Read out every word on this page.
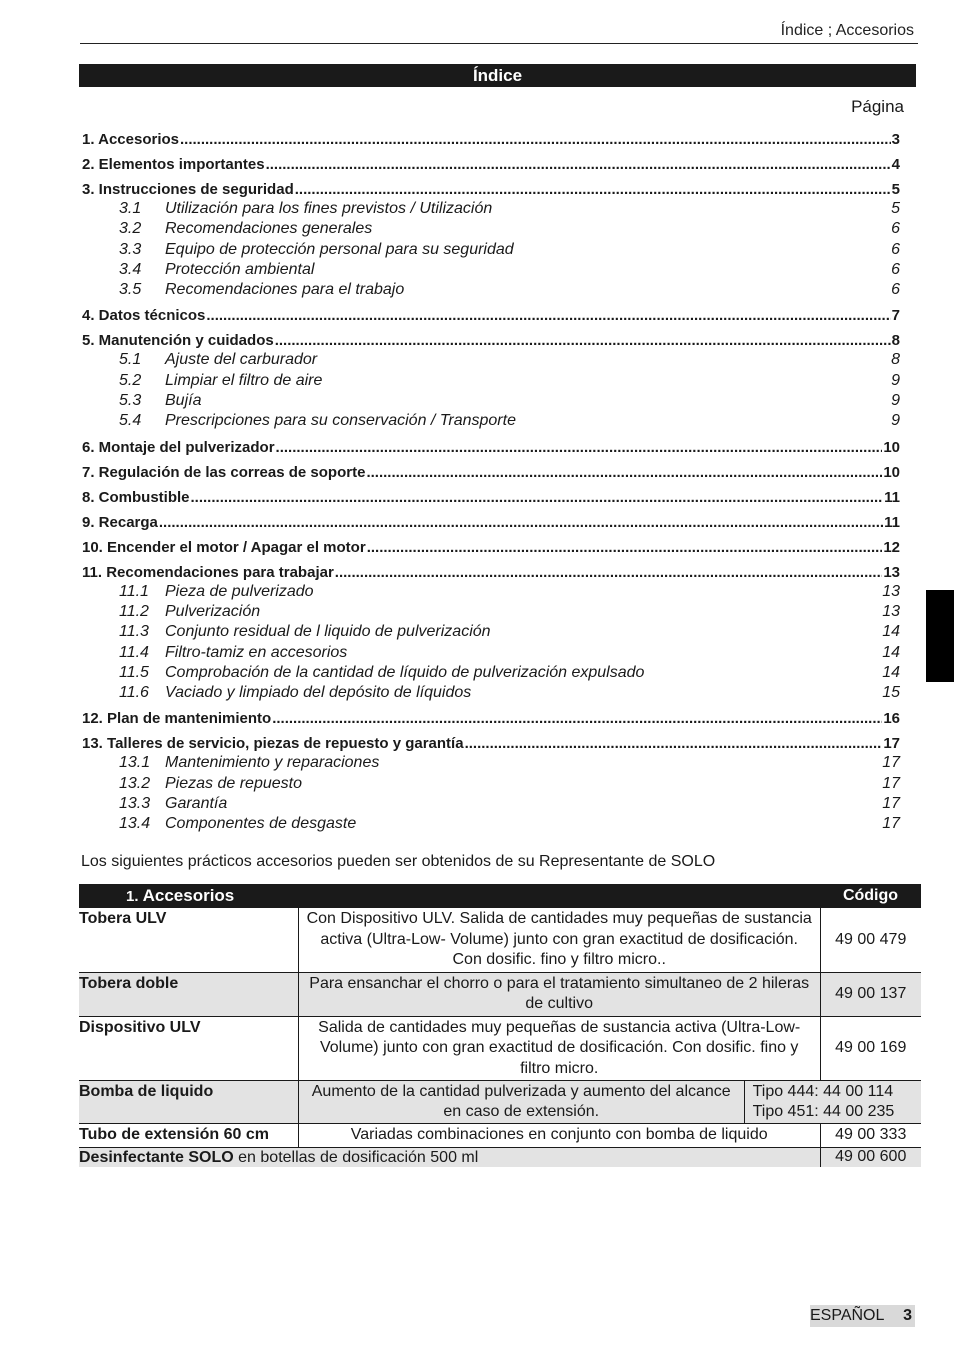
Índice ; Accesorios
Índice
Página
1. Accesorios .....	3
2. Elementos importantes .....	4
3. Instrucciones de seguridad .....	5
3.1	Utilización para los fines previstos / Utilización	5
3.2	Recomendaciones generales	6
3.3	Equipo de protección personal para su seguridad	6
3.4	Protección ambiental	6
3.5	Recomendaciones para el trabajo	6
4. Datos técnicos .....	7
5. Manutención y cuidados .....	8
5.1	Ajuste del carburador	8
5.2	Limpiar el filtro de aire	9
5.3	Bujía	9
5.4	Prescripciones para su conservación / Transporte	9
6. Montaje del pulverizador .....	10
7. Regulación de las correas de soporte .....	10
8. Combustible .....	11
9. Recarga .....	11
10. Encender el motor / Apagar el motor .....	12
11. Recomendaciones para trabajar .....	13
11.1	Pieza de pulverizado	13
11.2	Pulverización	13
11.3	Conjunto residual de l liquido de pulverización	14
11.4	Filtro-tamiz en accesorios	14
11.5	Comprobación de la cantidad de líquido de pulverización expulsado	14
11.6	Vaciado y limpiado del depósito de líquidos	15
12. Plan de mantenimiento .....	16
13. Talleres de servicio, piezas de repuesto y garantía .....	17
13.1 Mantenimiento y reparaciones	17
13.2 Piezas de repuesto	17
13.3 Garantía	17
13.4 Componentes de desgaste	17
Los siguientes prácticos accesorios pueden ser obtenidos de su Representante de SOLO
1. Accesorios			Código
Tobera ULV	Con Dispositivo ULV. Salida de cantidades muy pequeñas de sustancia activa (Ultra-Low- Volume) junto con gran exactitud de dosificación. Con dosific. fino y filtro micro..		49 00 479
Tobera doble	Para ensanchar el chorro o para el tratamiento simultaneo de 2 hileras de cultivo		49 00 137
Dispositivo ULV	Salida de cantidades muy pequeñas de sustancia activa (Ultra-Low- Volume) junto con gran exactitud de dosificación. Con dosific. fino y filtro micro.		49 00 169
Bomba de liquido	Aumento de la cantidad pulverizada y aumento del alcance en caso de extensión.	Tipo 444: 44 00 114
Tipo 451: 44 00 235	

Tubo de extensión 60 cm	Variadas combinaciones en conjunto con bomba de liquido		49 00 333
Desinfectante SOLO en botellas de dosificación 500 ml			49 00 600
ESPAÑOL 3
